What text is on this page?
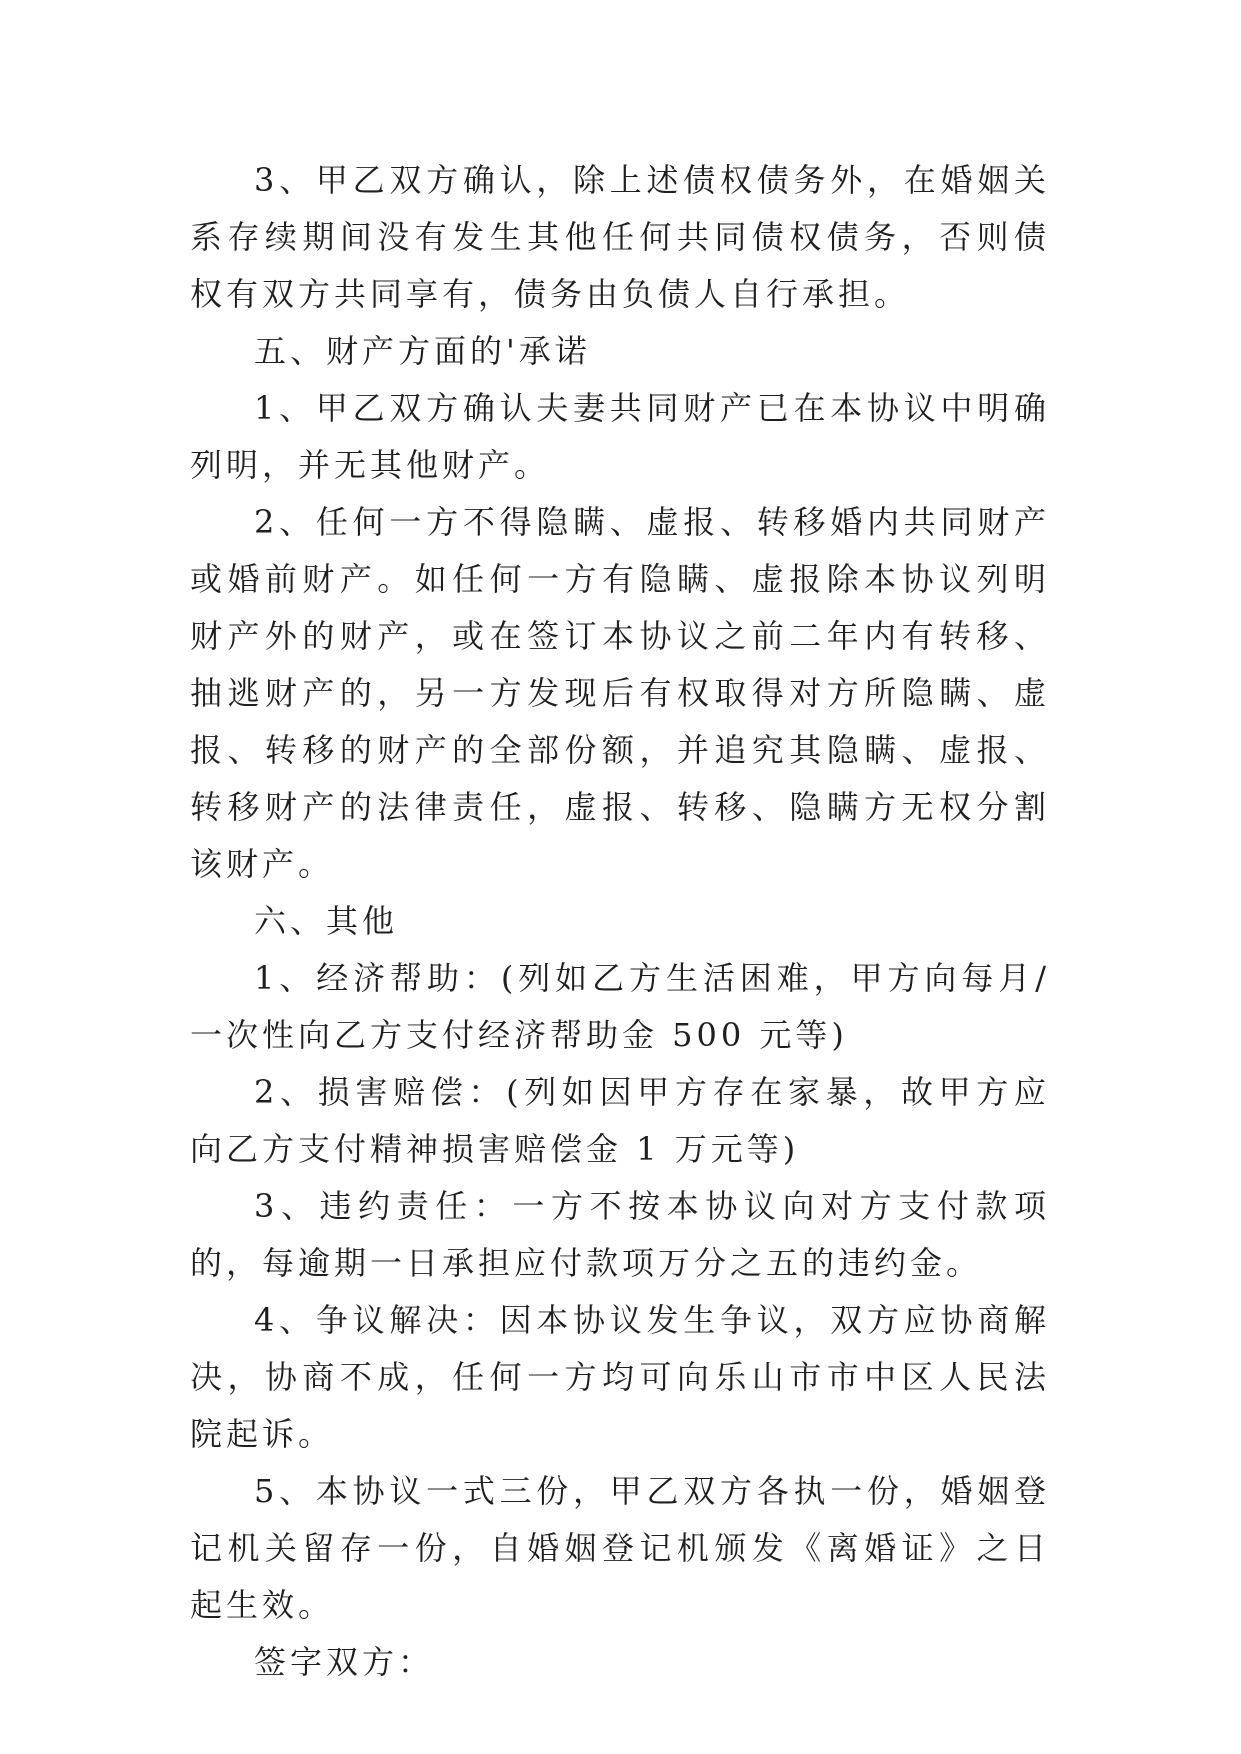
3、甲乙双方确认，除上述债权债务外，在婚姻关系存续期间没有发生其他任何共同债权债务，否则债权有双方共同享有，债务由负债人自行承担。

五、财产方面的'承诺

1、甲乙双方确认夫妻共同财产已在本协议中明确列明，并无其他财产。

2、任何一方不得隐瞒、虚报、转移婚内共同财产或婚前财产。如任何一方有隐瞒、虚报除本协议列明财产外的财产，或在签订本协议之前二年内有转移、抽逃财产的，另一方发现后有权取得对方所隐瞒、虚报、转移的财产的全部份额，并追究其隐瞒、虚报、转移财产的法律责任，虚报、转移、隐瞒方无权分割该财产。

六、其他

1、经济帮助：(列如乙方生活困难，甲方向每月/一次性向乙方支付经济帮助金 500 元等)

2、损害赔偿：(列如因甲方存在家暴，故甲方应向乙方支付精神损害赔偿金 1 万元等)

3、违约责任：一方不按本协议向对方支付款项的，每逾期一日承担应付款项万分之五的违约金。

4、争议解决：因本协议发生争议，双方应协商解决，协商不成，任何一方均可向乐山市市中区人民法院起诉。

5、本协议一式三份，甲乙双方各执一份，婚姻登记机关留存一份，自婚姻登记机颁发《离婚证》之日起生效。

签字双方：
